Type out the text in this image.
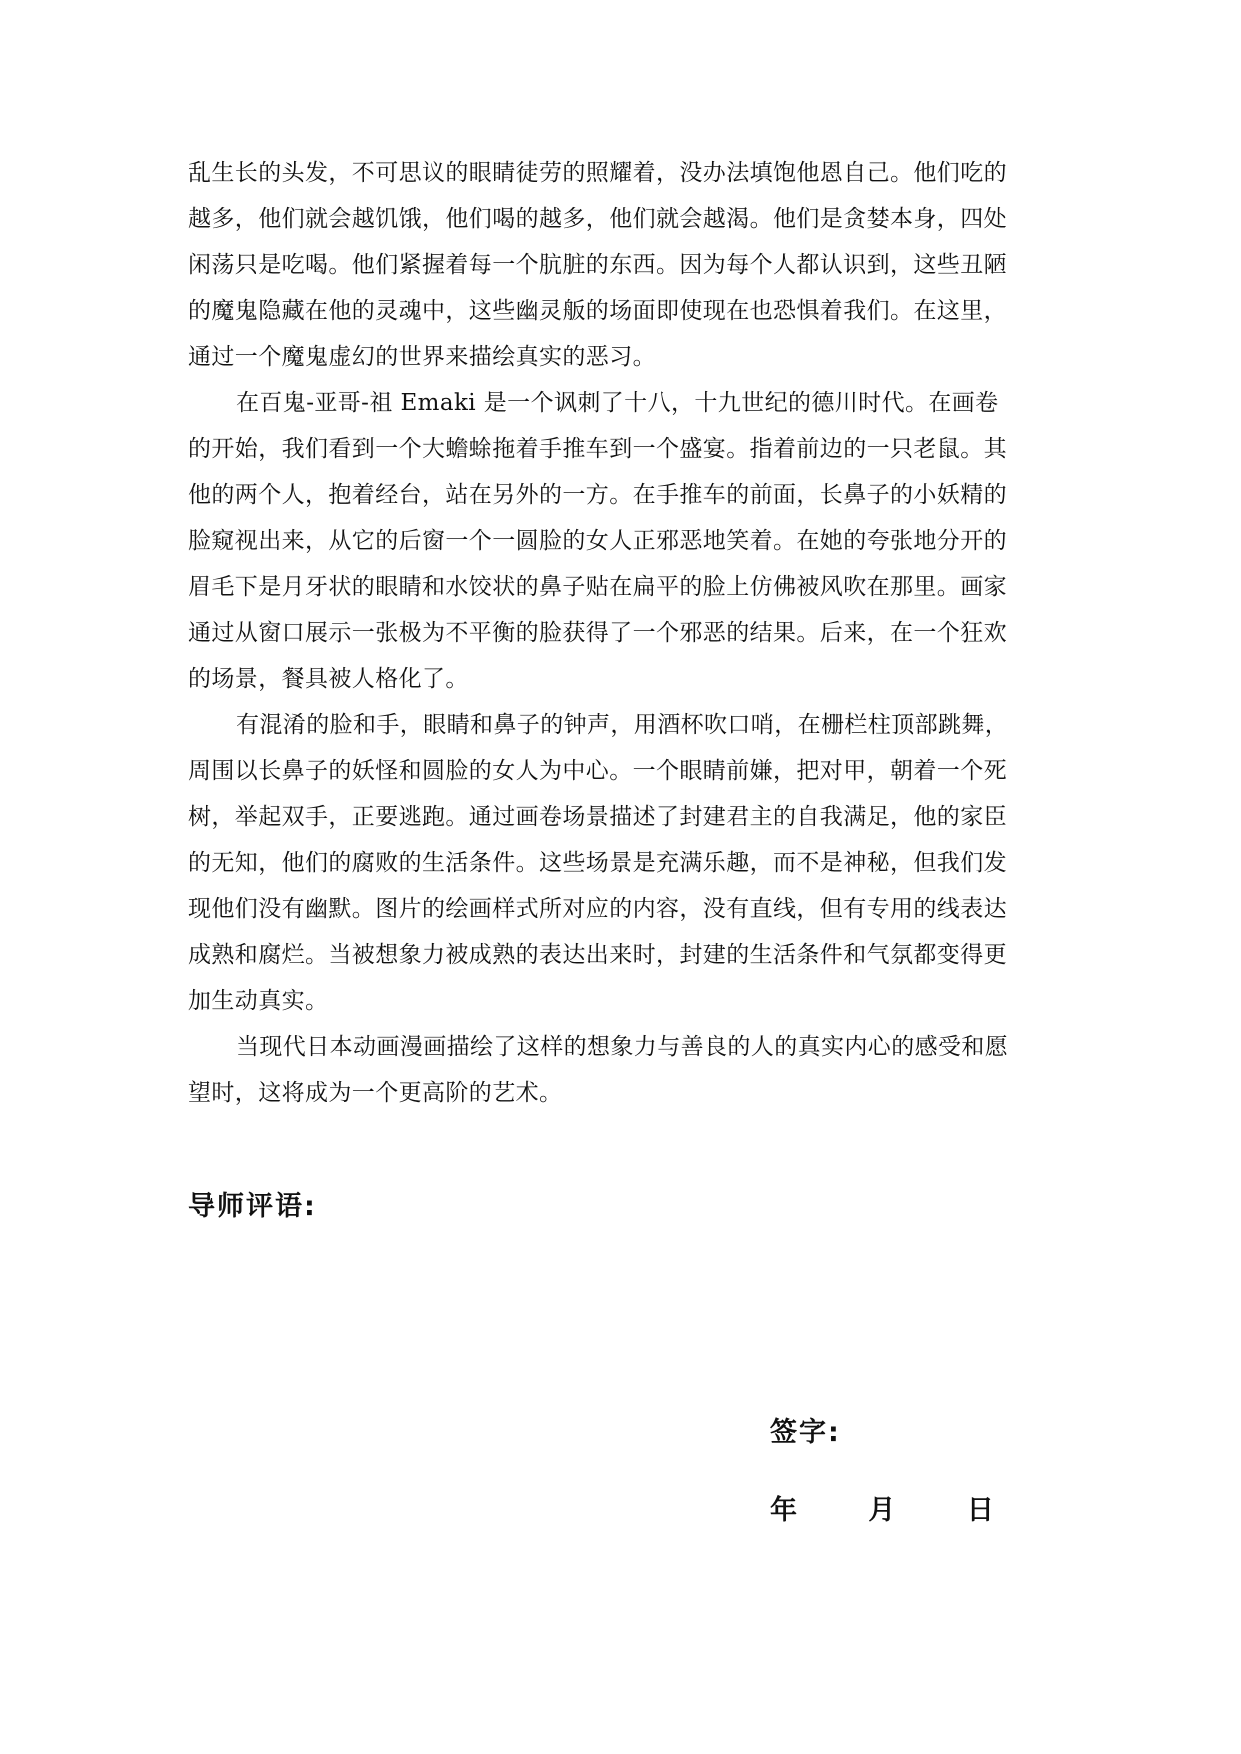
乱生长的头发，不可思议的眼睛徒劳的照耀着，没办法填饱他恩自己。他们吃的
越多，他们就会越饥饿，他们喝的越多，他们就会越渴。他们是贪婪本身，四处
闲荡只是吃喝。他们紧握着每一个肮脏的东西。因为每个人都认识到，这些丑陋
的魔鬼隐藏在他的灵魂中，这些幽灵舨的场面即使现在也恐惧着我们。在这里，
通过一个魔鬼虚幻的世界来描绘真实的恶习。
在百鬼-亚哥-祖 Emaki 是一个讽刺了十八，十九世纪的德川时代。在画卷
的开始，我们看到一个大蟾蜍拖着手推车到一个盛宴。指着前边的一只老鼠。其
他的两个人，抱着经台，站在另外的一方。在手推车的前面，长鼻子的小妖精的
脸窥视出来，从它的后窗一个一圆脸的女人正邪恶地笑着。在她的夸张地分开的
眉毛下是月牙状的眼睛和水饺状的鼻子贴在扁平的脸上仿佛被风吹在那里。画家
通过从窗口展示一张极为不平衡的脸获得了一个邪恶的结果。后来，在一个狂欢
的场景，餐具被人格化了。
有混淆的脸和手，眼睛和鼻子的钟声，用酒杯吹口哨，在栅栏柱顶部跳舞，
周围以长鼻子的妖怪和圆脸的女人为中心。一个眼睛前嫌，把对甲，朝着一个死
树，举起双手，正要逃跑。通过画卷场景描述了封建君主的自我满足，他的家臣
的无知，他们的腐败的生活条件。这些场景是充满乐趣，而不是神秘，但我们发
现他们没有幽默。图片的绘画样式所对应的内容，没有直线，但有专用的线表达
成熟和腐烂。当被想象力被成熟的表达出来时，封建的生活条件和气氛都变得更
加生动真实。
当现代日本动画漫画描绘了这样的想象力与善良的人的真实内心的感受和愿
望时，这将成为一个更高阶的艺术。
导师评语:
签字:
年	月	日
